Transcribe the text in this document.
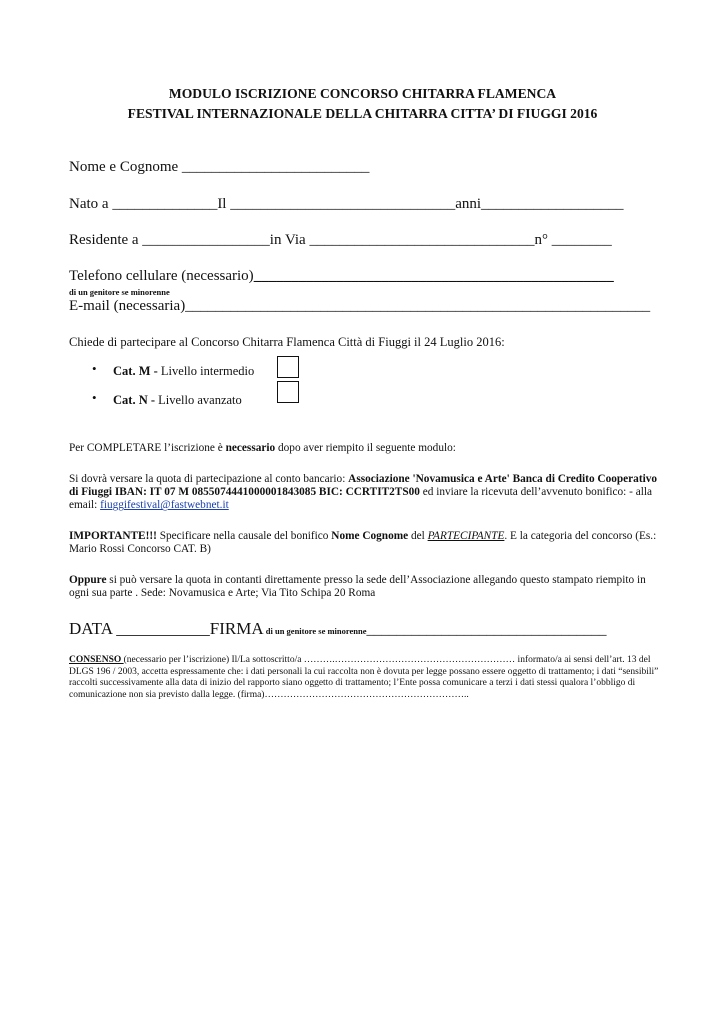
MODULO ISCRIZIONE CONCORSO CHITARRA FLAMENCA
FESTIVAL INTERNAZIONALE DELLA CHITARRA CITTA’ DI FIUGGI 2016
Nome e Cognome _________________________
Nato a ______________Il ______________________________anni___________________
Residente a _________________in Via ______________________________n° ________
Telefono cellulare (necessario)________________________________________________
di un genitore se minorenne
E-mail (necessaria)______________________________________________________________
Chiede di partecipare al Concorso Chitarra Flamenca Città di Fiuggi il 24 Luglio 2016:
• Cat. M - Livello intermedio
• Cat. N - Livello avanzato
Per COMPLETARE l’iscrizione è necessario dopo aver riempito il seguente modulo:
Si dovrà versare la quota di partecipazione al conto bancario: Associazione 'Novamusica e Arte' Banca di Credito Cooperativo di Fiuggi IBAN: IT 07 M 085507444100000184308​5 BIC: CCRTIT2TS00 ed inviare la ricevuta dell’avvenuto bonifico: - alla email: fiuggifestival@fastwebnet.it
IMPORTANTE!!! Specificare nella causale del bonifico Nome Cognome del PARTECIPANTE. E la categoria del concorso (Es.: Mario Rossi Concorso CAT. B)
Oppure si può versare la quota in contanti direttamente presso la sede dell’Associazione allegando questo stampato riempito in ogni sua parte . Sede: Novamusica e Arte; Via Tito Schipa 20 Roma
DATA ___________FIRMA di un genitore se minorenne________________________________
CONSENSO (necessario per l’iscrizione) Il/La sottoscritto/a ……….………………………………………………… informato/a ai sensi dell’art. 13 del DLGS 196 / 2003, accetta espressamente che: i dati personali la cui raccolta non è dovuta per legge possano essere oggetto di trattamento; i dati “sensibili” raccolti successivamente alla data di inizio del rapporto siano oggetto di trattamento; l’Ente possa comunicare a terzi i dati stessi qualora l’obbligo di comunicazione non sia previsto dalla legge. (firma)………………………………………………………..
